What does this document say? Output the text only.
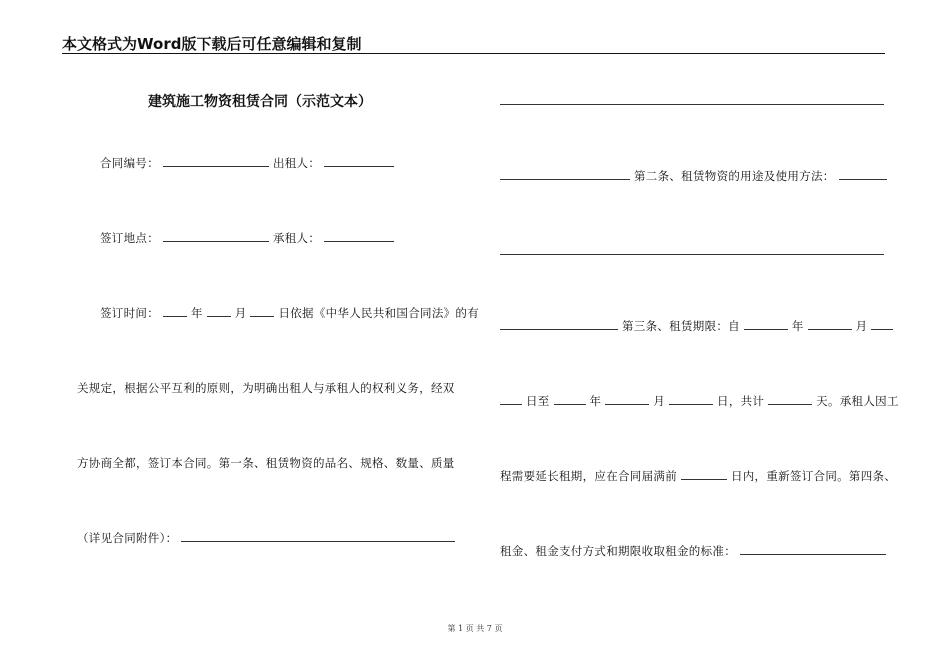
本文格式为Word版下载后可任意编辑和复制
建筑施工物资租赁合同（示范文本）
合同编号：	出租人：
签订地点：	承租人：
签订时间：	年	月	日依据《中华人民共和国合同法》的有
关规定，根据公平互利的原则，为明确出租人与承租人的权利义务，经双
方协商全都，签订本合同。第一条、租赁物资的品名、规格、数量、质量
（详见合同附件）：
第二条、租赁物资的用途及使用方法：
第三条、租赁期限：自	年	月
日至	年	月	日，共计	天。承租人因工
程需要延长租期，应在合同届满前	日内，重新签订合同。第四条、
租金、租金支付方式和期限收取租金的标准：
第 1 页 共 7 页
